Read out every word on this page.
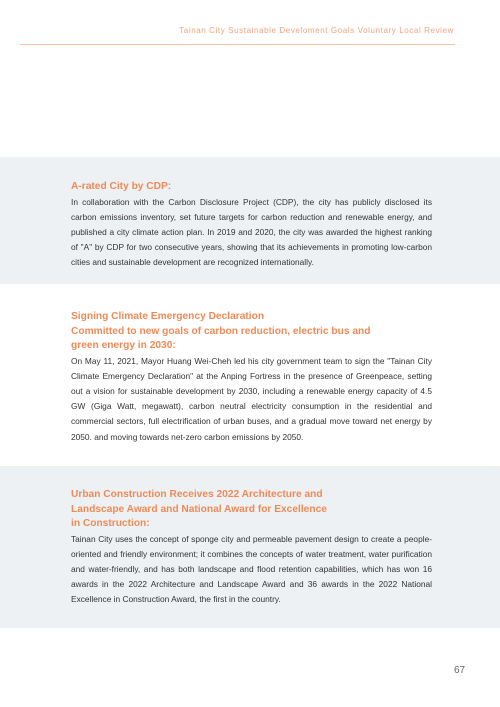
Tainan City Sustainable Develoment Goals Voluntary Local Review
A-rated City by CDP:

In collaboration with the Carbon Disclosure Project (CDP), the city has publicly disclosed its carbon emissions inventory, set future targets for carbon reduction and renewable energy, and published a city climate action plan. In 2019 and 2020, the city was awarded the highest ranking of "A" by CDP for two consecutive years, showing that its achievements in promoting low-carbon cities and sustainable development are recognized internationally.

Signing Climate Emergency Declaration
Committed to new goals of carbon reduction, electric bus and
green energy in 2030:

On May 11, 2021, Mayor Huang Wei-Cheh led his city government team to sign the "Tainan City Climate Emergency Declaration" at the Anping Fortress in the presence of Greenpeace, setting out a vision for sustainable development by 2030, including a renewable energy capacity of 4.5 GW (Giga Watt, megawatt), carbon neutral electricity consumption in the residential and commercial sectors, full electrification of urban buses, and a gradual move toward net energy by 2050. and moving towards net-zero carbon emissions by 2050.

Urban Construction Receives 2022 Architecture and
Landscape Award and National Award for Excellence
in Construction:

Tainan City uses the concept of sponge city and permeable pavement design to create a people-oriented and friendly environment; it combines the concepts of water treatment, water purification and water-friendly, and has both landscape and flood retention capabilities, which has won 16 awards in the 2022 Architecture and Landscape Award and 36 awards in the 2022 National Excellence in Construction Award, the first in the country.

67
